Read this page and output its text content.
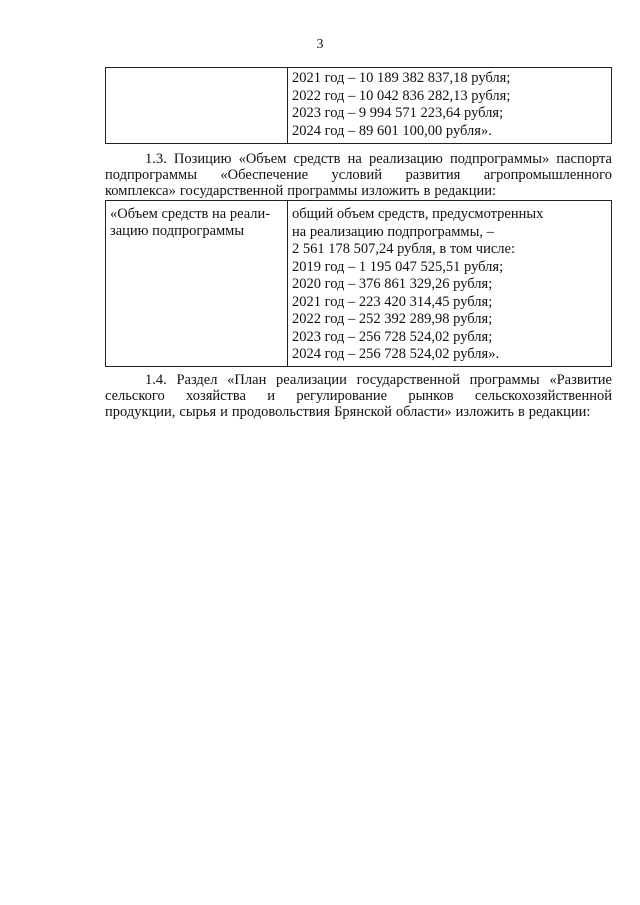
3
2021 год – 10 189 382 837,18 рубля;
2022 год – 10 042 836 282,13 рубля;
2023 год – 9 994 571 223,64 рубля;
2024 год – 89 601 100,00 рубля».
1.3. Позицию «Объем средств на реализацию подпрограммы» паспорта
подпрограммы «Обеспечение условий развития агропромышленного
комплекса» государственной программы изложить в редакции:
«Объем средств на реали-
зацию подпрограммы
общий объем средств, предусмотренных
на реализацию подпрограммы, –
2 561 178 507,24 рубля, в том числе:
2019 год – 1 195 047 525,51 рубля;
2020 год – 376 861 329,26 рубля;
2021 год – 223 420 314,45 рубля;
2022 год – 252 392 289,98 рубля;
2023 год – 256 728 524,02 рубля;
2024 год – 256 728 524,02 рубля».
1.4. Раздел «План реализации государственной программы «Развитие
сельского хозяйства и регулирование рынков сельскохозяйственной
продукции, сырья и продовольствия Брянской области» изложить в редакции:
